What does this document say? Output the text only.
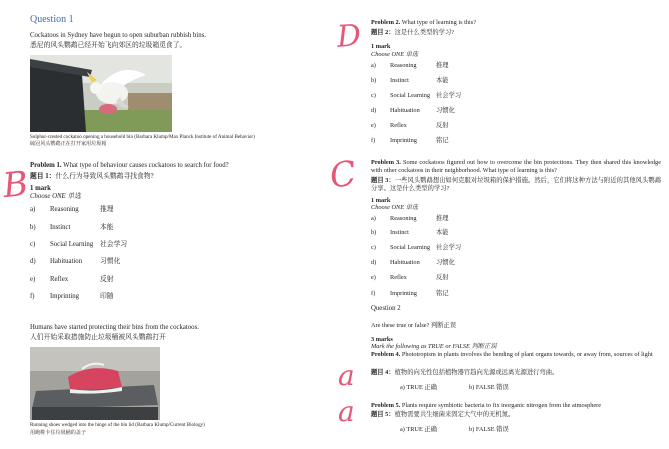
Question 1
Cockatoos in Sydney have begun to open suburban rubbish bins.
悉尼的风头鹦鹉已经开始飞向郊区的垃圾箱觅食了。
Sulphur-crested cockatoo opening a household bin (Barbara Klump/Max Planck Institute of Animal Behavior)
硫冠风头鹦鹉正在打开家用垃圾箱
B Problem 1. What type of behaviour causes cockatoos to search for food?
题目 1：什么行为导致风头鹦鹉寻找食物?
1 mark
Choose ONE 单选
a)	Reasoning	推理
b)	Instinct	本能
c)	Social Learning 社会学习
d)	Habituation	习惯化
e)	Reflex	反射
f)	Imprinting	印随
Humans have started protecting their bins from the cockatoos.
人们开始采取措施防止垃圾桶被风头鹦鹉打开
Running shoes wedged into the hinge of the bin lid (Barbara Klump/Current Biology)
用跑鞋卡住垃圾桶的盖子
D Problem 2. What type of learning is this?
题目 2：这是什么类型的学习?
1 mark
Choose ONE 单选
a)	Reasoning	推理
b)	Instinct	本能
c)	Social Learning 社会学习
d)	Habituation	习惯化
e)	Reflex	反射
f)	Imprinting	铭记
C Problem 3. Some cockatoos figured out how to overcome the bin protections. They then shared this knowledge with other cockatoos in their neighborhood. What type of learning is this?
题目 3：一些风头鹦鹉想出如何克服对垃圾箱的保护措施。然后，它们将这种方法与附近的其他风头鹦鹉分享。这是什么类型的学习?
1 mark
Choose ONE 单选
a)	Reasoning	推理
b)	Instinct	本能
c)	Social Learning 社会学习
d)	Habituation	习惯化
e)	Reflex	反射
f)	Imprinting	铭记
Question 2
Are these true or false? 判断正误
3 marks
Mark the following as TRUE or FALSE 判断正误
Problem 4. Phototropism in plants involves the bending of plant organs towards, or away from, sources of light
题目 4：植物的向光性包括植物器官趋向光源或远离光源进行弯曲。
a	a) TRUE 正确	b) FALSE 错误
a	Problem 5. Plants require symbiotic bacteria to fix inorganic nitrogen from the atmosphere
题目 5：植物需要共生细菌来固定大气中的无机氮。
a) TRUE 正确	b) FALSE 错误
